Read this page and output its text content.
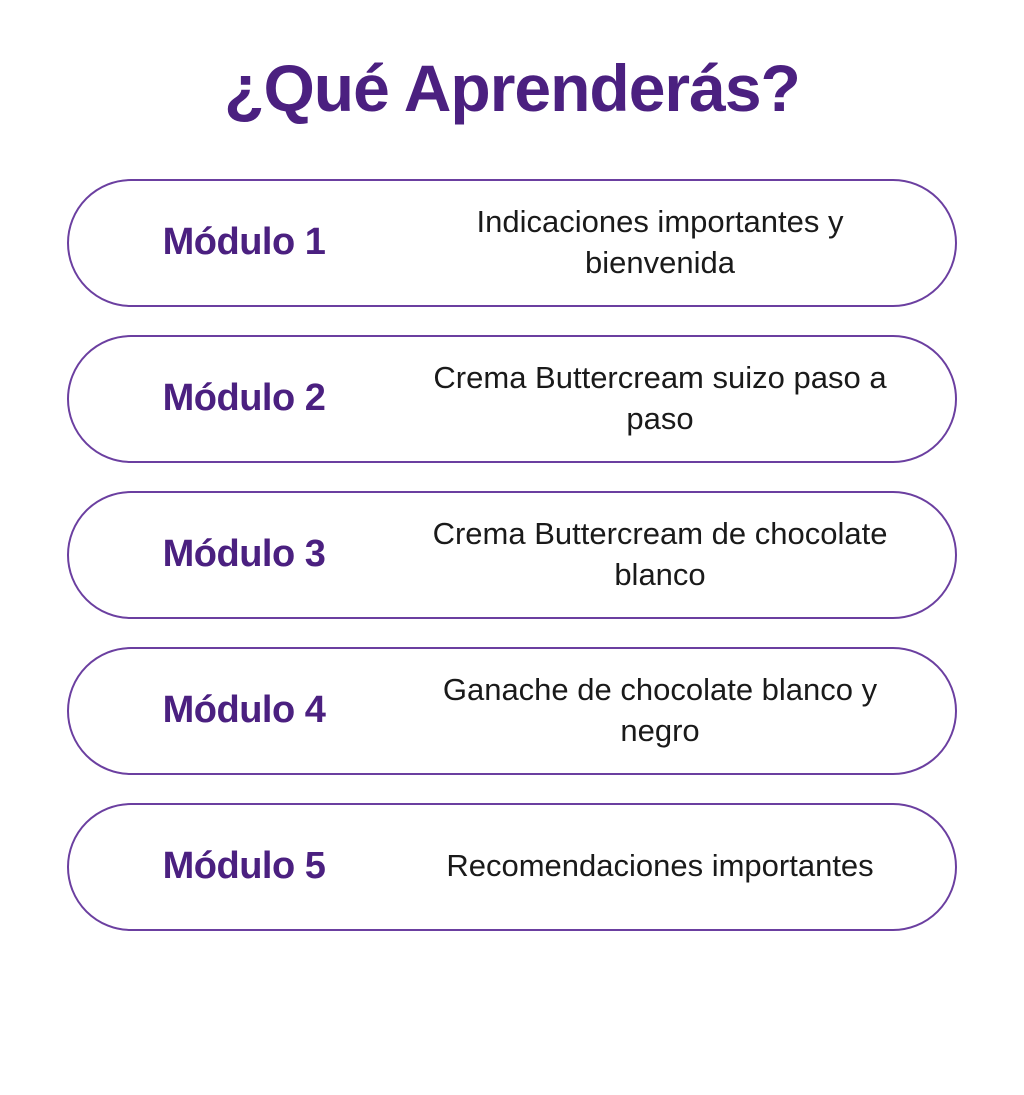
¿Qué Aprenderás?
Módulo 1	Indicaciones importantes y bienvenida
Módulo 2	Crema Buttercream suizo paso a paso
Módulo 3	Crema Buttercream de chocolate blanco
Módulo 4	Ganache de chocolate blanco y negro
Módulo 5	Recomendaciones importantes
